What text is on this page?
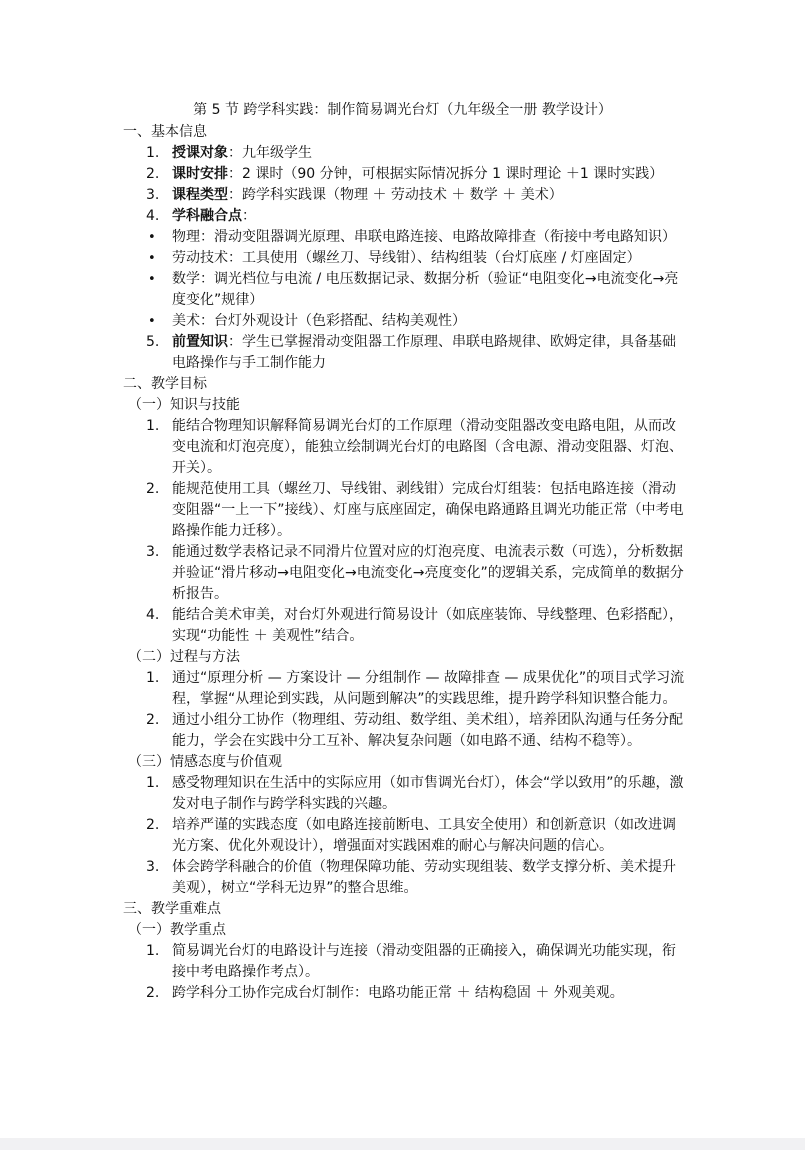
第 5 节 跨学科实践：制作简易调光台灯（九年级全一册 教学设计）
一、基本信息
1. 授课对象：九年级学生
2. 课时安排：2 课时（90 分钟，可根据实际情况拆分 1 课时理论 ＋1 课时实践）
3. 课程类型：跨学科实践课（物理 ＋ 劳动技术 ＋ 数学 ＋ 美术）
4. 学科融合点：
• 物理：滑动变阻器调光原理、串联电路连接、电路故障排查（衔接中考电路知识）
• 劳动技术：工具使用（螺丝刀、导线钳）、结构组装（台灯底座 / 灯座固定）
• 数学：调光档位与电流 / 电压数据记录、数据分析（验证“电阻变化→电流变化→亮度变化”规律）
• 美术：台灯外观设计（色彩搭配、结构美观性）
5. 前置知识：学生已掌握滑动变阻器工作原理、串联电路规律、欧姆定律，具备基础电路操作与手工制作能力
二、教学目标
（一）知识与技能
1. 能结合物理知识解释简易调光台灯的工作原理（滑动变阻器改变电路电阻，从而改变电流和灯泡亮度），能独立绘制调光台灯的电路图（含电源、滑动变阻器、灯泡、开关）。
2. 能规范使用工具（螺丝刀、导线钳、剥线钳）完成台灯组装：包括电路连接（滑动变阻器“一上一下”接线）、灯座与底座固定，确保电路通路且调光功能正常（中考电路操作能力迁移）。
3. 能通过数学表格记录不同滑片位置对应的灯泡亮度、电流表示数（可选），分析数据并验证“滑片移动→电阻变化→电流变化→亮度变化”的逻辑关系，完成简单的数据分析报告。
4. 能结合美术审美，对台灯外观进行简易设计（如底座装饰、导线整理、色彩搭配），实现“功能性 ＋ 美观性”结合。
（二）过程与方法
1. 通过“原理分析 — 方案设计 — 分组制作 — 故障排查 — 成果优化”的项目式学习流程，掌握“从理论到实践，从问题到解决”的实践思维，提升跨学科知识整合能力。
2. 通过小组分工协作（物理组、劳动组、数学组、美术组），培养团队沟通与任务分配能力，学会在实践中分工互补、解决复杂问题（如电路不通、结构不稳等）。
（三）情感态度与价值观
1. 感受物理知识在生活中的实际应用（如市售调光台灯），体会“学以致用”的乐趣，激发对电子制作与跨学科实践的兴趣。
2. 培养严谨的实践态度（如电路连接前断电、工具安全使用）和创新意识（如改进调光方案、优化外观设计），增强面对实践困难的耐心与解决问题的信心。
3. 体会跨学科融合的价值（物理保障功能、劳动实现组装、数学支撑分析、美术提升美观），树立“学科无边界”的整合思维。
三、教学重难点
（一）教学重点
1. 简易调光台灯的电路设计与连接（滑动变阻器的正确接入，确保调光功能实现，衔接中考电路操作考点）。
2. 跨学科分工协作完成台灯制作：电路功能正常 ＋ 结构稳固 ＋ 外观美观。
